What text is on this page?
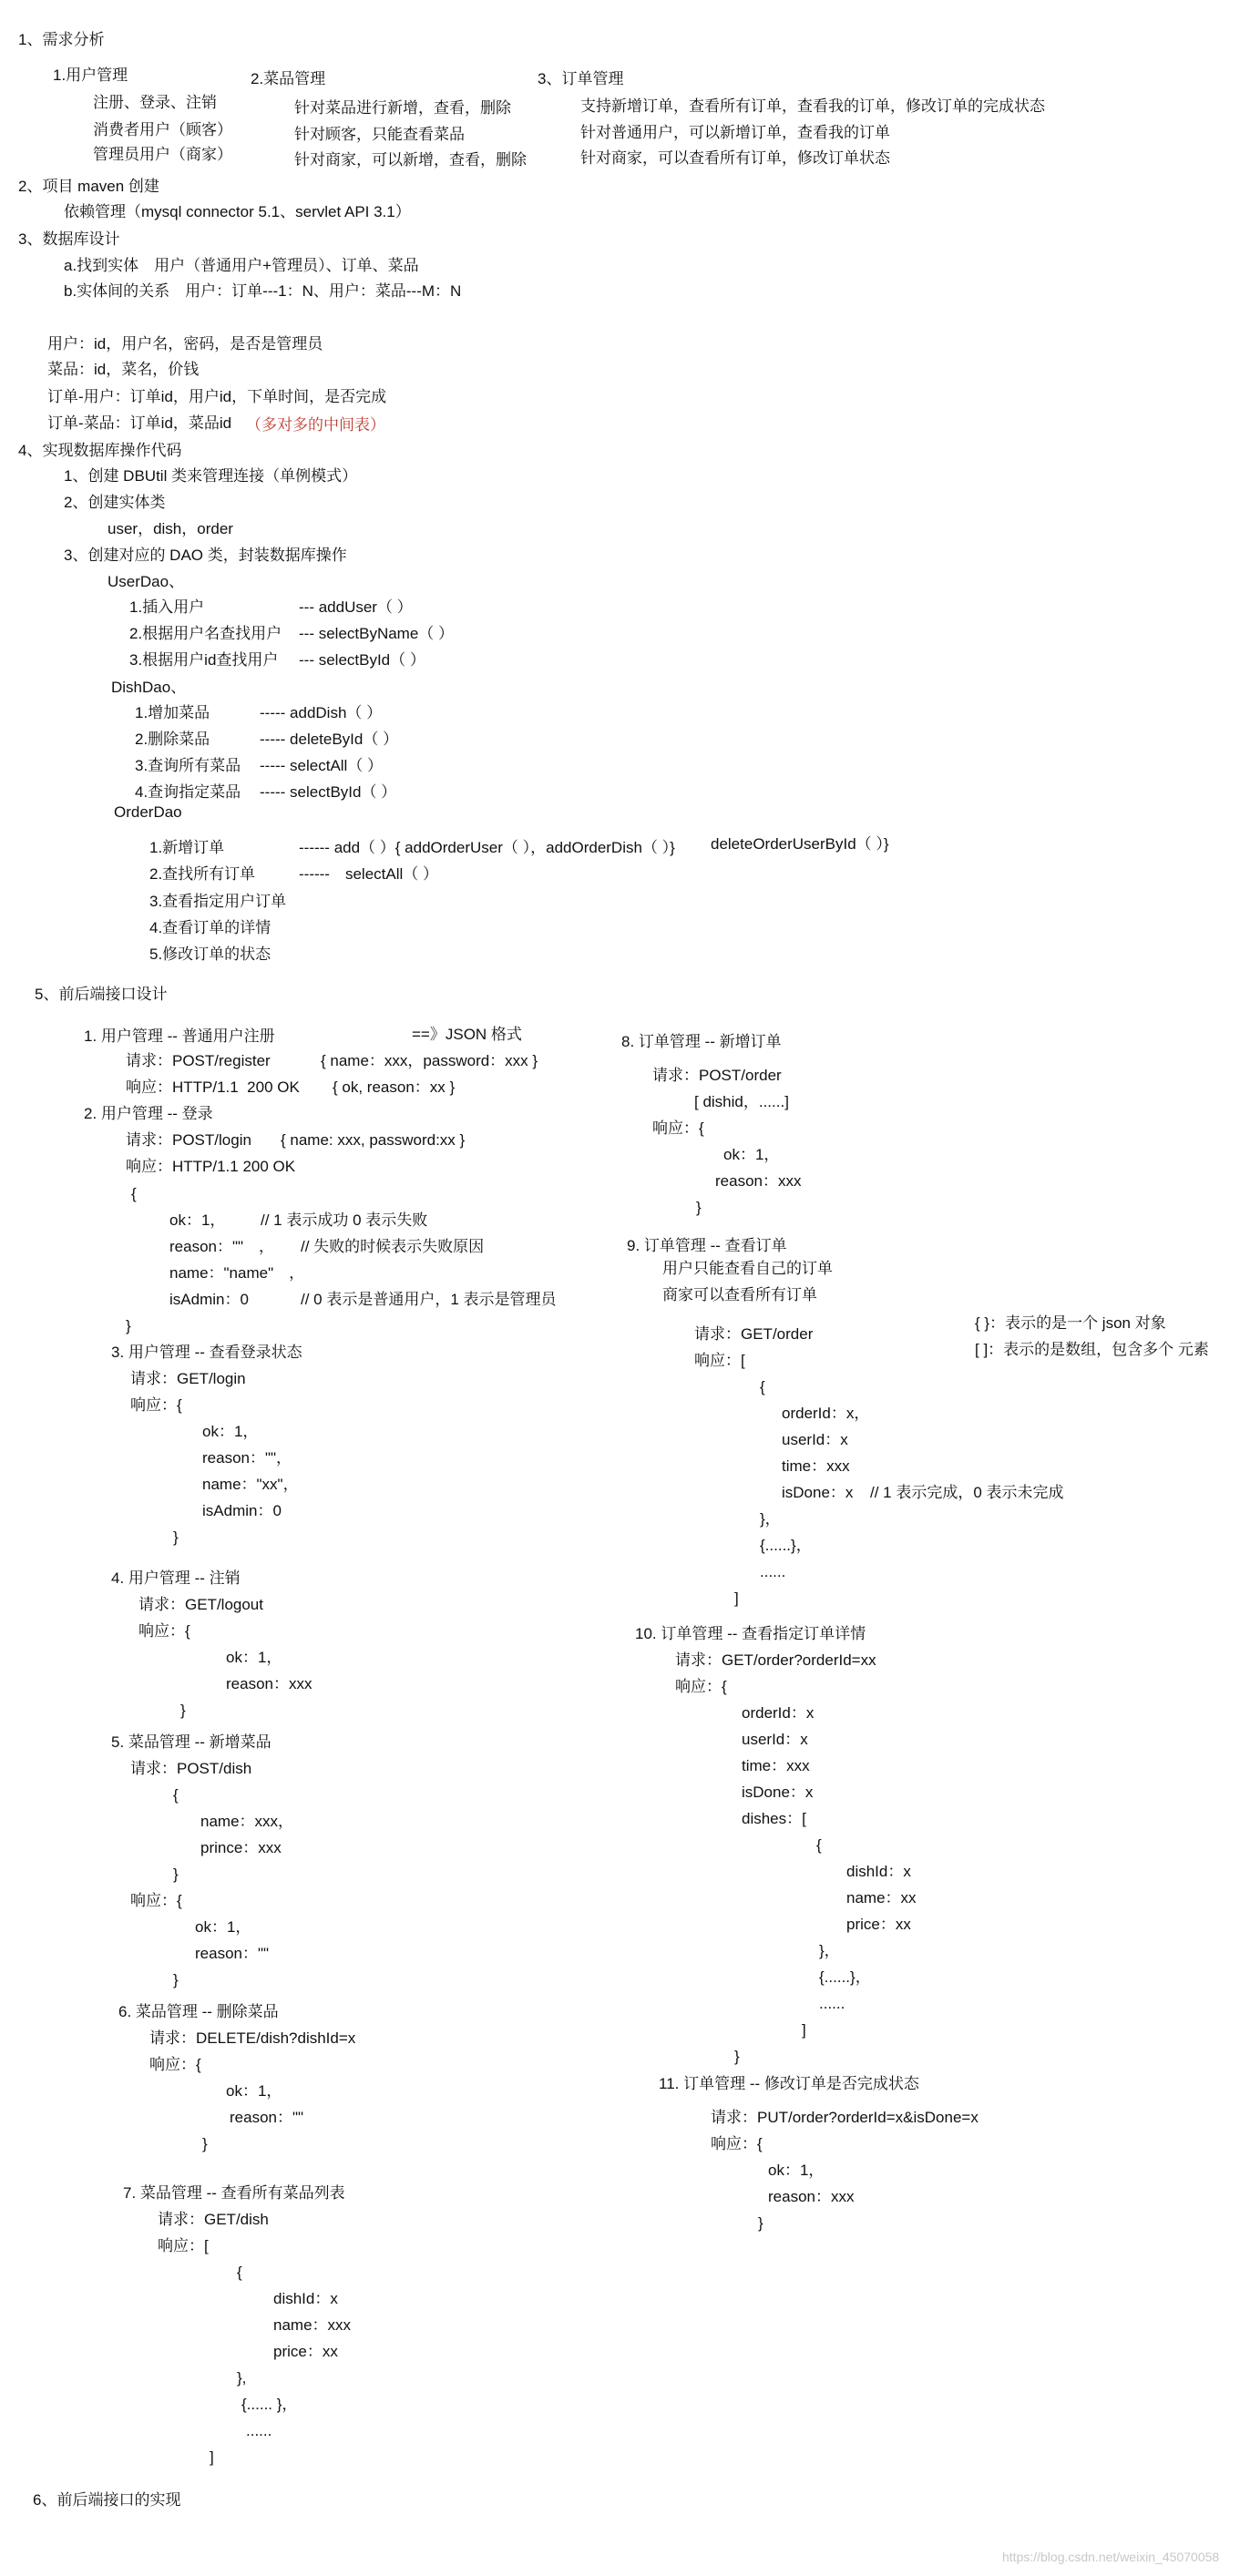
1、需求分析
1.用户管理	2.菜品管理	3、订单管理
注册、登录、注销	针对菜品进行新增，查看，删除	支持新增订单，查看所有订单，查看我的订单，修改订单的完成状态
消费者用户（顾客）	针对顾客，只能查看菜品	针对普通用户，可以新增订单，查看我的订单
管理员用户（商家）	针对商家，可以新增，查看，删除	针对商家，可以查看所有订单，修改订单状态
2、项目 maven 创建
依赖管理（mysql connector 5.1、servlet API 3.1）
3、数据库设计
a.找到实体　用户（普通用户+管理员）、订单、菜品
b.实体间的关系　用户：订单---1：N、用户：菜品---M：N
用户：id，用户名，密码，是否是管理员
菜品：id，菜名，价钱
订单-用户：订单id，用户id，下单时间，是否完成
订单-菜品：订单id，菜品id （多对多的中间表）
4、实现数据库操作代码
1、创建 DBUtil 类来管理连接（单例模式）
2、创建实体类
user，dish，order
3、创建对应的 DAO 类，封装数据库操作
UserDao、
1.插入用户	--- addUser（ ）
2.根据用户名查找用户 --- selectByName（ ）
3.根据用户id查找用户 --- selectById（ ）
DishDao、
1.增加菜品	----- addDish（ ）
2.删除菜品	----- deleteById（ ）
3.查询所有菜品 ----- selectAll（ ）
4.查询指定菜品 ----- selectById（ ）
OrderDao
1.新增订单	------ add（ ）{ addOrderUser（ ），addOrderDish（ ）} deleteOrderUserById（ ）}
2.查找所有订单	------　selectAll（ ）
3.查看指定用户订单
4.查看订单的详情
5.修改订单的状态
5、前后端接口设计
1. 用户管理 -- 普通用户注册	==》JSON 格式
请求：POST/register	{ name：xxx，password：xxx }
响应：HTTP/1.1  200 OK { ok, reason：xx }
2. 用户管理 -- 登录
请求：POST/login { name: xxx, password:xx }
响应：HTTP/1.1 200 OK
{
ok：1， // 1 表示成功 0 表示失败
reason：""　， // 失败的时候表示失败原因
name："name"　，
isAdmin：0	// 0 表示是普通用户，1 表示是管理员
}
3. 用户管理 -- 查看登录状态
请求：GET/login
响应：{
ok：1，
reason：""，
name："xx"，
isAdmin：0
}
4. 用户管理 -- 注销
请求：GET/logout
响应：{
ok：1，
reason：xxx
}
5. 菜品管理 -- 新增菜品
请求：POST/dish
{
name：xxx，
prince：xxx
}
响应：{
ok：1，
reason：""
}
6. 菜品管理 -- 删除菜品
请求：DELETE/dish?dishId=x
响应：{
ok：1，
reason：""
}
7. 菜品管理 -- 查看所有菜品列表
请求：GET/dish
响应：[
{
dishId：x
name：xxx
price：xx
},
{...... }，
......
]
6、前后端接口的实现
8. 订单管理 -- 新增订单
请求：POST/order
[ dishid，......]
响应：{
ok：1，
reason：xxx
}
9. 订单管理 -- 查看订单
用户只能查看自己的订单
商家可以查看所有订单
{ }：表示的是一个 json 对象
请求：GET/order
[ ]：表示的是数组，包含多个 元素
响应：[
{
orderId：x，
userId：x
time：xxx
isDone：x // 1 表示完成，0 表示未完成
}，
{......}，
......
]
10. 订单管理 -- 查看指定订单详情
请求：GET/order?orderId=xx
响应：{
orderId：x
userId：x
time：xxx
isDone：x
dishes：[
{
dishId：x
name：xx
price：xx
}，
{......}，
......
]
}
11. 订单管理 -- 修改订单是否完成状态
请求：PUT/order?orderId=x&isDone=x
响应：{
ok：1，
reason：xxx
}
https://blog.csdn.net/weixin_45070058
